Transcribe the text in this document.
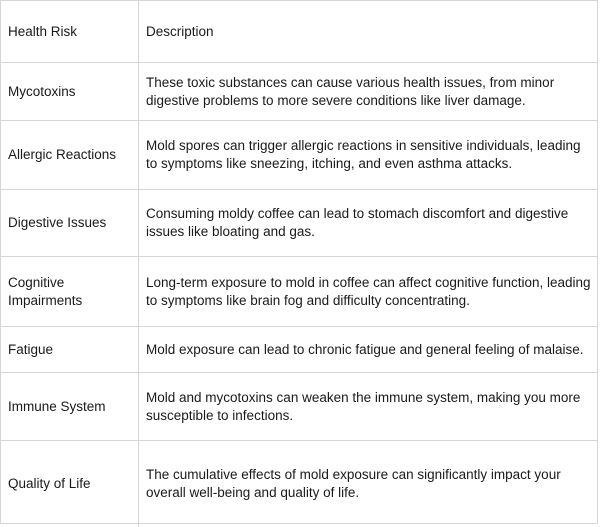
Health Risk	Description
Mycotoxins	These toxic substances can cause various health issues, from minor digestive problems to more severe conditions like liver damage.
Allergic Reactions	Mold spores can trigger allergic reactions in sensitive individuals, leading to symptoms like sneezing, itching, and even asthma attacks.
Digestive Issues	Consuming moldy coffee can lead to stomach discomfort and digestive issues like bloating and gas.
Cognitive Impairments	Long-term exposure to mold in coffee can affect cognitive function, leading to symptoms like brain fog and difficulty concentrating.
Fatigue	Mold exposure can lead to chronic fatigue and general feeling of malaise.
Immune System	Mold and mycotoxins can weaken the immune system, making you more susceptible to infections.
Quality of Life	The cumulative effects of mold exposure can significantly impact your overall well-being and quality of life.
